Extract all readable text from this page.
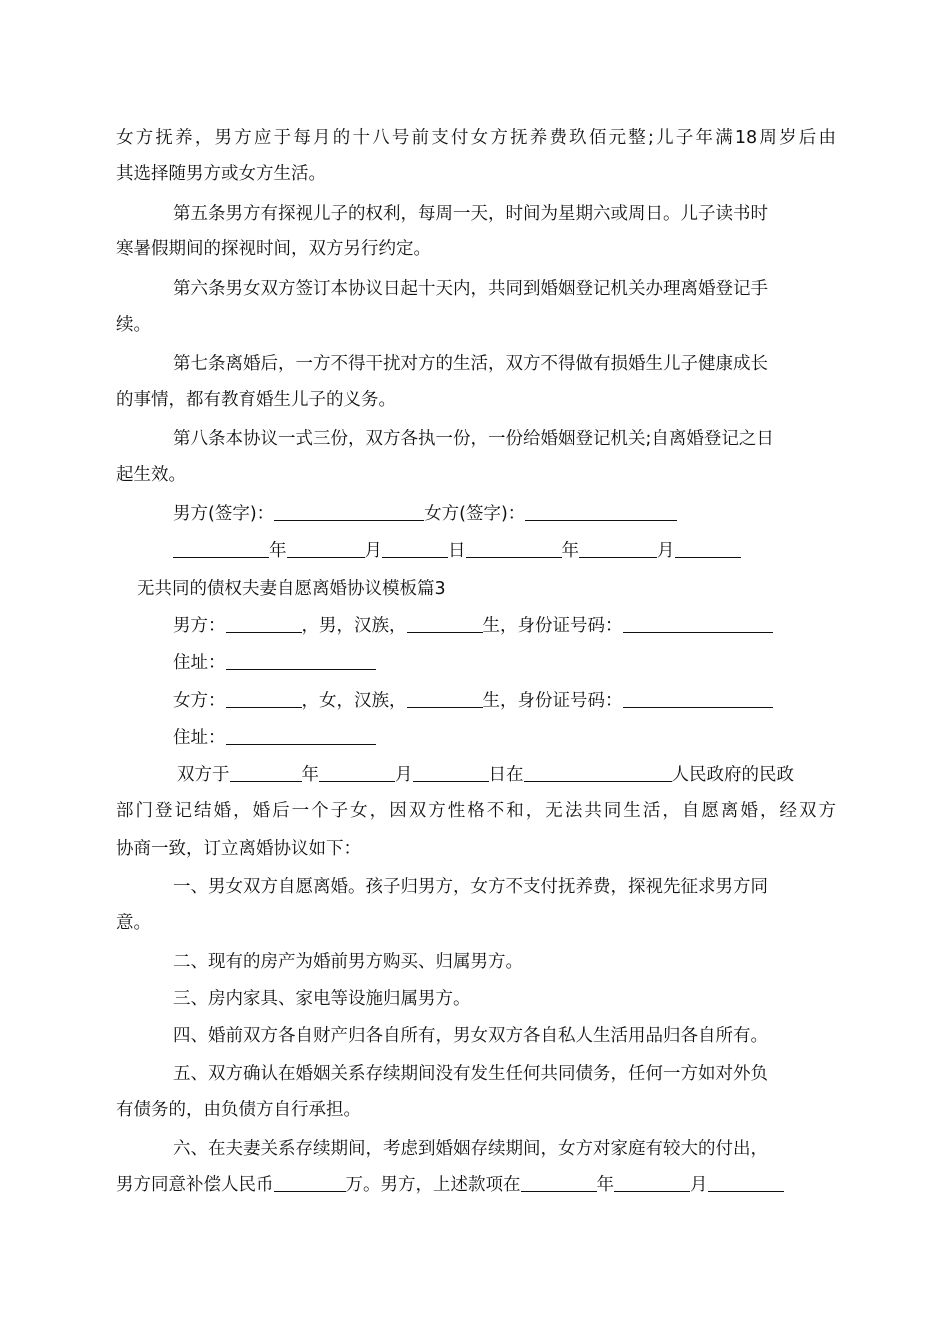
女方抚养，男方应于每月的十八号前支付女方抚养费玖佰元整;儿子年满18周岁后由
其选择随男方或女方生活。
第五条男方有探视儿子的权利，每周一天，时间为星期六或周日。儿子读书时
寒暑假期间的探视时间，双方另行约定。
第六条男女双方签订本协议日起十天内，共同到婚姻登记机关办理离婚登记手
续。
第七条离婚后，一方不得干扰对方的生活，双方不得做有损婚生儿子健康成长
的事情，都有教育婚生儿子的义务。
第八条本协议一式三份，双方各执一份，一份给婚姻登记机关;自离婚登记之日
起生效。
男方(签字)：	女方(签字)：
年	月	日	年	月
无共同的债权夫妻自愿离婚协议模板篇3
男方：	，男，汉族，	生，身份证号码：
住址：
女方：	，女，汉族，	生，身份证号码：
住址：
双方于	年	月	日在	人民政府的民政
部门登记结婚，婚后一个子女，因双方性格不和，无法共同生活，自愿离婚，经双方
协商一致，订立离婚协议如下：
一、男女双方自愿离婚。孩子归男方，女方不支付抚养费，探视先征求男方同
意。
二、现有的房产为婚前男方购买、归属男方。
三、房内家具、家电等设施归属男方。
四、婚前双方各自财产归各自所有，男女双方各自私人生活用品归各自所有。
五、双方确认在婚姻关系存续期间没有发生任何共同债务，任何一方如对外负
有债务的，由负债方自行承担。
六、在夫妻关系存续期间，考虑到婚姻存续期间，女方对家庭有较大的付出，
男方同意补偿人民币	万。男方，上述款项在	年	月
